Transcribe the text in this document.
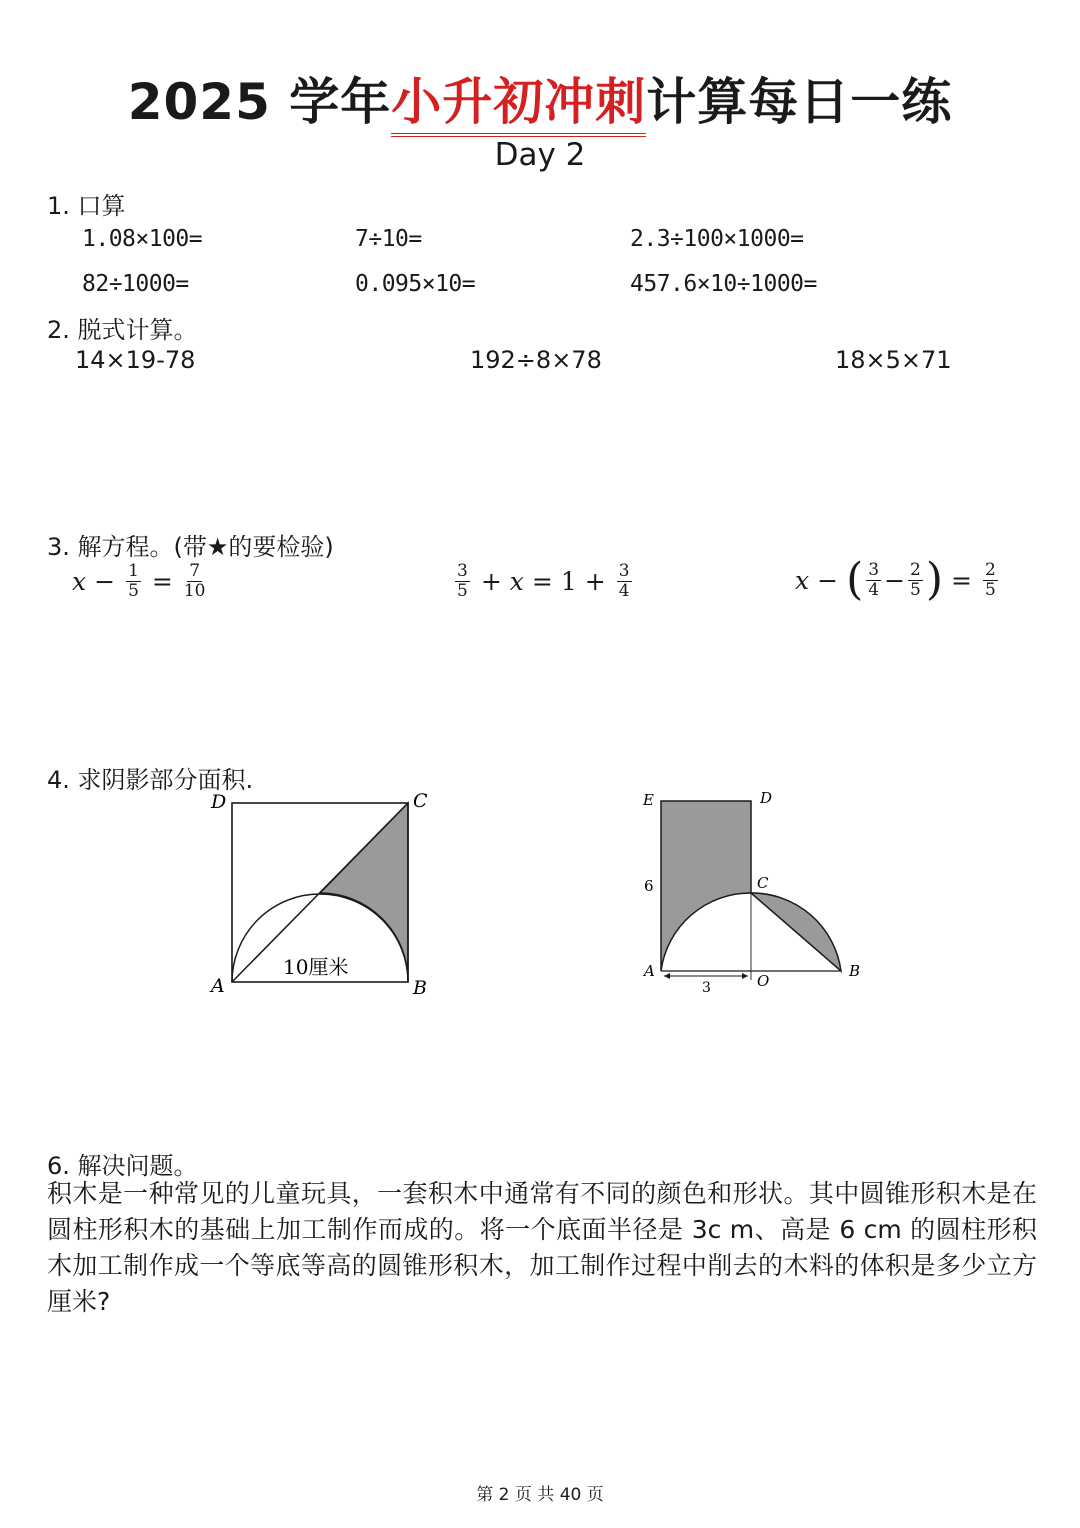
2025 学年小升初冲刺计算每日一练
Day 2
1. 口算
1.08×100=	7÷10=	2.3÷100×1000=
82÷1000=	0.095×10=	457.6×10÷1000=
2. 脱式计算。
14×19-78	192÷8×78	18×5×71
3. 解方程。(带★的要检验)
$x - \frac{1}{5} = \frac{7}{10}$	$\frac{3}{5} + x = 1 + \frac{3}{4}$	x − ( $\frac{3}{4} - \frac{2}{5}$ ) = $\frac{2}{5}$
4. 求阴影部分面积.
D	C
A	B
10厘米
E	D
C
A
O
B
6
3
6. 解决问题。
积木是一种常见的儿童玩具，一套积木中通常有不同的颜色和形状。其中圆锥形积木是在圆柱形积木的基础上加工制作而成的。将一个底面半径是 3c m、高是 6 cm 的圆柱形积木加工制作成一个等底等高的圆锥形积木，加工制作过程中削去的木料的体积是多少立方厘米?
第 2 页 共 40 页
